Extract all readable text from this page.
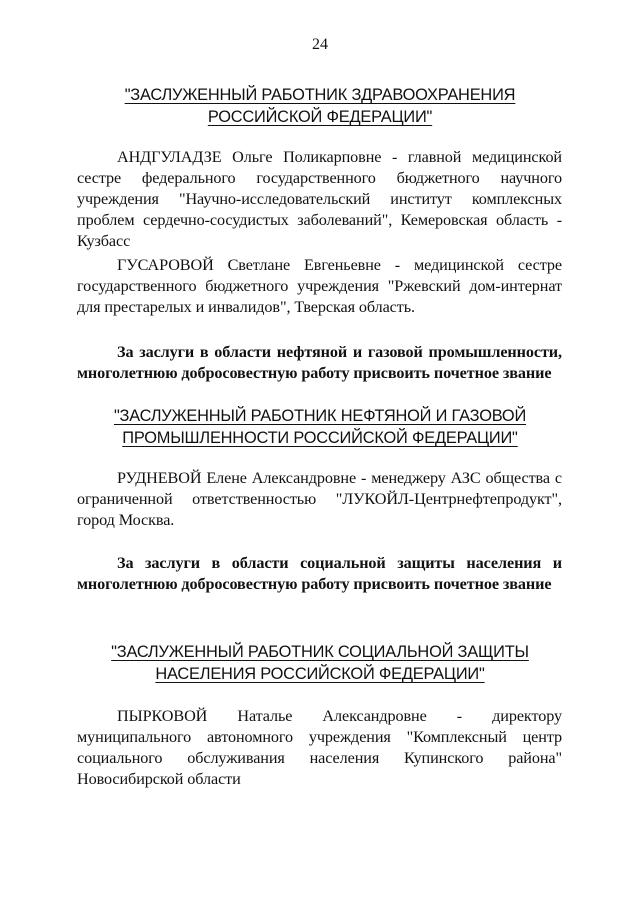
24
"ЗАСЛУЖЕННЫЙ РАБОТНИК ЗДРАВООХРАНЕНИЯ
РОССИЙСКОЙ ФЕДЕРАЦИИ"
АНДГУЛАДЗЕ Ольге Поликарповне - главной медицинской сестре федерального государственного бюджетного научного учреждения "Научно-исследовательский институт комплексных проблем сердечно-сосудистых заболеваний", Кемеровская область - Кузбасс
ГУСАРОВОЙ Светлане Евгеньевне - медицинской сестре государственного бюджетного учреждения "Ржевский дом-интернат для престарелых и инвалидов", Тверская область.
За заслуги в области нефтяной и газовой промышленности, многолетнюю добросовестную работу присвоить почетное звание
"ЗАСЛУЖЕННЫЙ РАБОТНИК НЕФТЯНОЙ И ГАЗОВОЙ
ПРОМЫШЛЕННОСТИ РОССИЙСКОЙ ФЕДЕРАЦИИ"
РУДНЕВОЙ Елене Александровне - менеджеру АЗС общества с ограниченной ответственностью "ЛУКОЙЛ-Центрнефтепродукт", город Москва.
За заслуги в области социальной защиты населения и многолетнюю добросовестную работу присвоить почетное звание
"ЗАСЛУЖЕННЫЙ РАБОТНИК СОЦИАЛЬНОЙ ЗАЩИТЫ
НАСЕЛЕНИЯ РОССИЙСКОЙ ФЕДЕРАЦИИ"
ПЫРКОВОЙ Наталье Александровне - директору муниципального автономного учреждения "Комплексный центр социального обслуживания населения Купинского района" Новосибирской области
